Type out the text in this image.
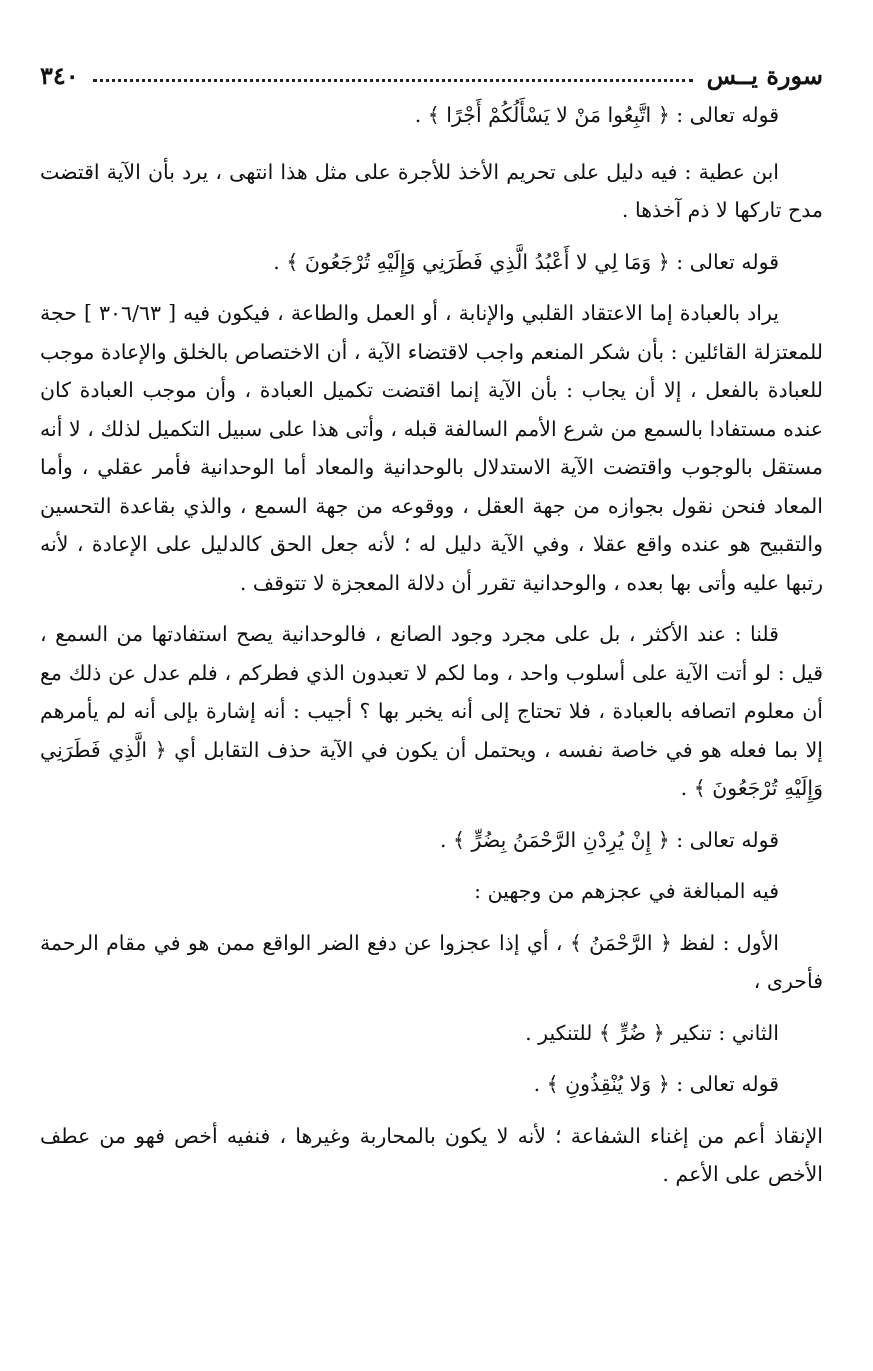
سورة يــس
٣٤٠

قوله تعالى : ﴿ اتَّبِعُوا مَنْ لا يَسْأَلُكُمْ أَجْرًا ﴾ .

ابن عطية : فيه دليل على تحريم الأخذ للأجرة على مثل هذا انتهى ، يرد بأن الآية اقتضت مدح تاركها لا ذم آخذها .

قوله تعالى : ﴿ وَمَا لِي لا أَعْبُدُ الَّذِي فَطَرَنِي وَإِلَيْهِ تُرْجَعُونَ ﴾ .

يراد بالعبادة إما الاعتقاد القلبي والإنابة ، أو العمل والطاعة ، فيكون فيه [ ٣٠٦/٦٣ ] حجة للمعتزلة القائلين : بأن شكر المنعم واجب لاقتضاء الآية ، أن الاختصاص بالخلق والإعادة موجب للعبادة بالفعل ، إلا أن يجاب : بأن الآية إنما اقتضت تكميل العبادة ، وأن موجب العبادة كان عنده مستفادا بالسمع من شرع الأمم السالفة قبله ، وأتى هذا على سبيل التكميل لذلك ، لا أنه مستقل بالوجوب واقتضت الآية الاستدلال بالوحدانية والمعاد أما الوحدانية فأمر عقلي ، وأما المعاد فنحن نقول بجوازه من جهة العقل ، ووقوعه من جهة السمع ، والذي بقاعدة التحسين والتقبيح هو عنده واقع عقلا ، وفي الآية دليل له ؛ لأنه جعل الحق كالدليل على الإعادة ، لأنه رتبها عليه وأتى بها بعده ، والوحدانية تقرر أن دلالة المعجزة لا تتوقف .

قلنا : عند الأكثر ، بل على مجرد وجود الصانع ، فالوحدانية يصح استفادتها من السمع ، قيل : لو أتت الآية على أسلوب واحد ، وما لكم لا تعبدون الذي فطركم ، فلم عدل عن ذلك مع أن معلوم اتصافه بالعبادة ، فلا تحتاج إلى أنه يخبر بها ؟ أجيب : أنه إشارة بإلى أنه لم يأمرهم إلا بما فعله هو في خاصة نفسه ، ويحتمل أن يكون في الآية حذف التقابل أي ﴿ الَّذِي فَطَرَنِي وَإِلَيْهِ تُرْجَعُونَ ﴾ .

قوله تعالى : ﴿ إِنْ يُرِدْنِ الرَّحْمَنُ بِضُرٍّ ﴾ .

فيه المبالغة في عجزهم من وجهين :

الأول : لفظ ﴿ الرَّحْمَنُ ﴾ ، أي إذا عجزوا عن دفع الضر الواقع ممن هو في مقام الرحمة فأحرى ،

الثاني : تنكير ﴿ ضُرٍّ ﴾ للتنكير .

قوله تعالى : ﴿ وَلا يُنْقِذُونِ ﴾ .

الإنقاذ أعم من إغناء الشفاعة ؛ لأنه لا يكون بالمحاربة وغيرها ، فنفيه أخص فهو من عطف الأخص على الأعم .
